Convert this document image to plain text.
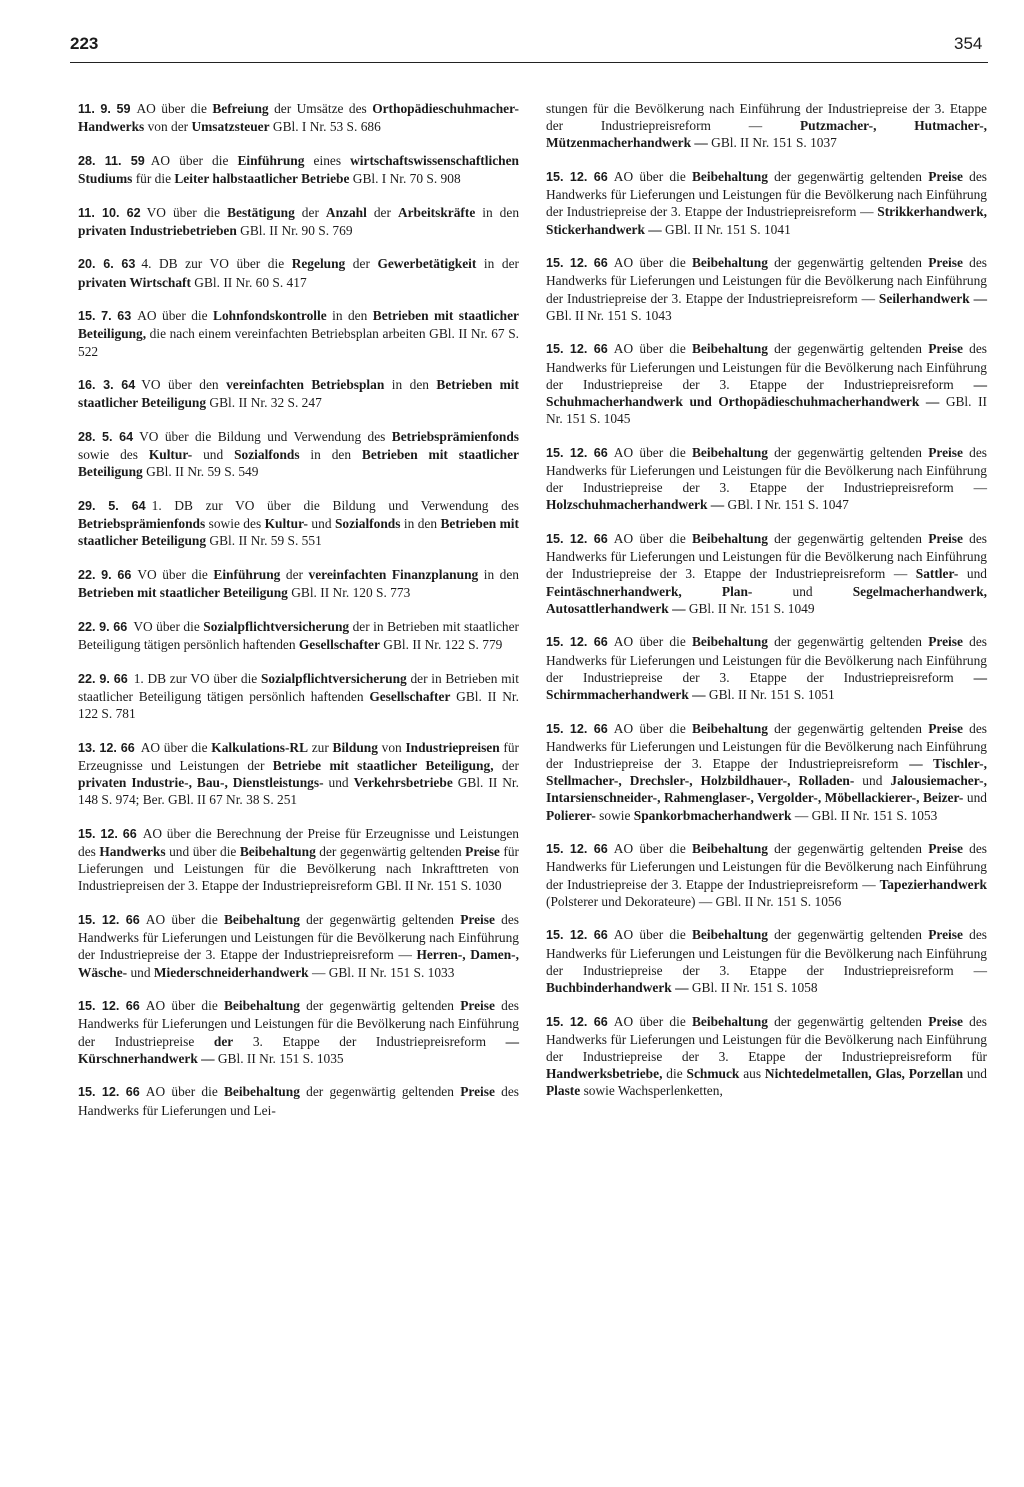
223	354

11. 9. 59 AO über die Befreiung der Umsätze des Orthopädieschuhmacher-Handwerks von der Umsatzsteuer GBl. I Nr. 53 S. 686

28. 11. 59 AO über die Einführung eines wirtschaftswissenschaftlichen Studiums für die Leiter halbstaatlicher Betriebe GBl. I Nr. 70 S. 908

11. 10. 62 VO über die Bestätigung der Anzahl der Arbeitskräfte in den privaten Industriebetrieben GBl. II Nr. 90 S. 769

20. 6. 63 4. DB zur VO über die Regelung der Gewerbetätigkeit in der privaten Wirtschaft GBl. II Nr. 60 S. 417

15. 7. 63 AO über die Lohnfondskontrolle in den Betrieben mit staatlicher Beteiligung, die nach einem vereinfachten Betriebsplan arbeiten GBl. II Nr. 67 S. 522

16. 3. 64 VO über den vereinfachten Betriebsplan in den Betrieben mit staatlicher Beteiligung GBl. II Nr. 32 S. 247

28. 5. 64 VO über die Bildung und Verwendung des Betriebsprämienfonds sowie des Kultur- und Sozialfonds in den Betrieben mit staatlicher Beteiligung GBl. II Nr. 59 S. 549

29. 5. 64 1. DB zur VO über die Bildung und Verwendung des Betriebsprämienfonds sowie des Kultur- und Sozialfonds in den Betrieben mit staatlicher Beteiligung GBl. II Nr. 59 S. 551

22. 9. 66 VO über die Einführung der vereinfachten Finanzplanung in den Betrieben mit staatlicher Beteiligung GBl. II Nr. 120 S. 773

22. 9. 66 VO über die Sozialpflichtversicherung der in Betrieben mit staatlicher Beteiligung tätigen persönlich haftenden Gesellschafter GBl. II Nr. 122 S. 779

22. 9. 66 1. DB zur VO über die Sozialpflichtversicherung der in Betrieben mit staatlicher Beteiligung tätigen persönlich haftenden Gesellschafter GBl. II Nr. 122 S. 781

13. 12. 66 AO über die Kalkulations-RL zur Bildung von Industriepreisen für Erzeugnisse und Leistungen der Betriebe mit staatlicher Beteiligung, der privaten Industrie-, Bau-, Dienstleistungs- und Verkehrsbetriebe GBl. II Nr. 148 S. 974; Ber. GBl. II 67 Nr. 38 S. 251

15. 12. 66 AO über die Berechnung der Preise für Erzeugnisse und Leistungen des Handwerks und über die Beibehaltung der gegenwärtig geltenden Preise für Lieferungen und Leistungen für die Bevölkerung nach Inkrafttreten von Industriepreisen der 3. Etappe der Industriepreisreform GBl. II Nr. 151 S. 1030

15. 12. 66 AO über die Beibehaltung der gegenwärtig geltenden Preise des Handwerks für Lieferungen und Leistungen für die Bevölkerung nach Einführung der Industriepreise der 3. Etappe der Industriepreisreform — Herren-, Damen-, Wäsche- und Miederschneiderhandwerk — GBl. II Nr. 151 S. 1033

15. 12. 66 AO über die Beibehaltung der gegenwärtig geltenden Preise des Handwerks für Lieferungen und Leistungen für die Bevölkerung nach Einführung der Industriepreise der 3. Etappe der Industriepreisreform — Kürschnerhandwerk — GBl. II Nr. 151 S. 1035

15. 12. 66 AO über die Beibehaltung der gegenwärtig geltenden Preise des Handwerks für Lieferungen und Lei-

stungen für die Bevölkerung nach Einführung der Industriepreise der 3. Etappe der Industriepreisreform — Putzmacher-, Hutmacher-, Mützenmacherhandwerk — GBl. II Nr. 151 S. 1037

15. 12. 66 AO über die Beibehaltung der gegenwärtig geltenden Preise des Handwerks für Lieferungen und Leistungen für die Bevölkerung nach Einführung der Industriepreise der 3. Etappe der Industriepreisreform — Strikkerhandwerk, Stickerhandwerk — GBl. II Nr. 151 S. 1041

15. 12. 66 AO über die Beibehaltung der gegenwärtig geltenden Preise des Handwerks für Lieferungen und Leistungen für die Bevölkerung nach Einführung der Industriepreise der 3. Etappe der Industriepreisreform — Seilerhandwerk — GBl. II Nr. 151 S. 1043

15. 12. 66 AO über die Beibehaltung der gegenwärtig geltenden Preise des Handwerks für Lieferungen und Leistungen für die Bevölkerung nach Einführung der Industriepreise der 3. Etappe der Industriepreisreform — Schuhmacherhandwerk und Orthopädieschuhmacherhandwerk — GBl. II Nr. 151 S. 1045

15. 12. 66 AO über die Beibehaltung der gegenwärtig geltenden Preise des Handwerks für Lieferungen und Leistungen für die Bevölkerung nach Einführung der Industriepreise der 3. Etappe der Industriepreisreform — Holzschuhmacherhandwerk — GBl. I Nr. 151 S. 1047

15. 12. 66 AO über die Beibehaltung der gegenwärtig geltenden Preise des Handwerks für Lieferungen und Leistungen für die Bevölkerung nach Einführung der Industriepreise der 3. Etappe der Industriepreisreform — Sattler- und Feintäschnerhandwerk, Plan- und Segelmacherhandwerk, Autosattlerhandwerk — GBl. II Nr. 151 S. 1049

15. 12. 66 AO über die Beibehaltung der gegenwärtig geltenden Preise des Handwerks für Lieferungen und Leistungen für die Bevölkerung nach Einführung der Industriepreise der 3. Etappe der Industriepreisreform — Schirmmacherhandwerk — GBl. II Nr. 151 S. 1051

15. 12. 66 AO über die Beibehaltung der gegenwärtig geltenden Preise des Handwerks für Lieferungen und Leistungen für die Bevölkerung nach Einführung der Industriepreise der 3. Etappe der Industriepreisreform — Tischler-, Stellmacher-, Drechsler-, Holzbildhauer-, Rolladen- und Jalousiemacher-, Intarsienschneider-, Rahmenglaser-, Vergolder-, Möbellackierer-, Beizer- und Polierer- sowie Spankorbmacherhandwerk — GBl. II Nr. 151 S. 1053

15. 12. 66 AO über die Beibehaltung der gegenwärtig geltenden Preise des Handwerks für Lieferungen und Leistungen für die Bevölkerung nach Einführung der Industriepreise der 3. Etappe der Industriepreisreform — Tapezierhandwerk (Polsterer und Dekorateure) — GBl. II Nr. 151 S. 1056

15. 12. 66 AO über die Beibehaltung der gegenwärtig geltenden Preise des Handwerks für Lieferungen und Leistungen für die Bevölkerung nach Einführung der Industriepreise der 3. Etappe der Industriepreisreform — Buchbinderhandwerk — GBl. II Nr. 151 S. 1058

15. 12. 66 AO über die Beibehaltung der gegenwärtig geltenden Preise des Handwerks für Lieferungen und Leistungen für die Bevölkerung nach Einführung der Industriepreise der 3. Etappe der Industriepreisreform für Handwerksbetriebe, die Schmuck aus Nichtedelmetallen, Glas, Porzellan und Plaste sowie Wachsperlenketten,
